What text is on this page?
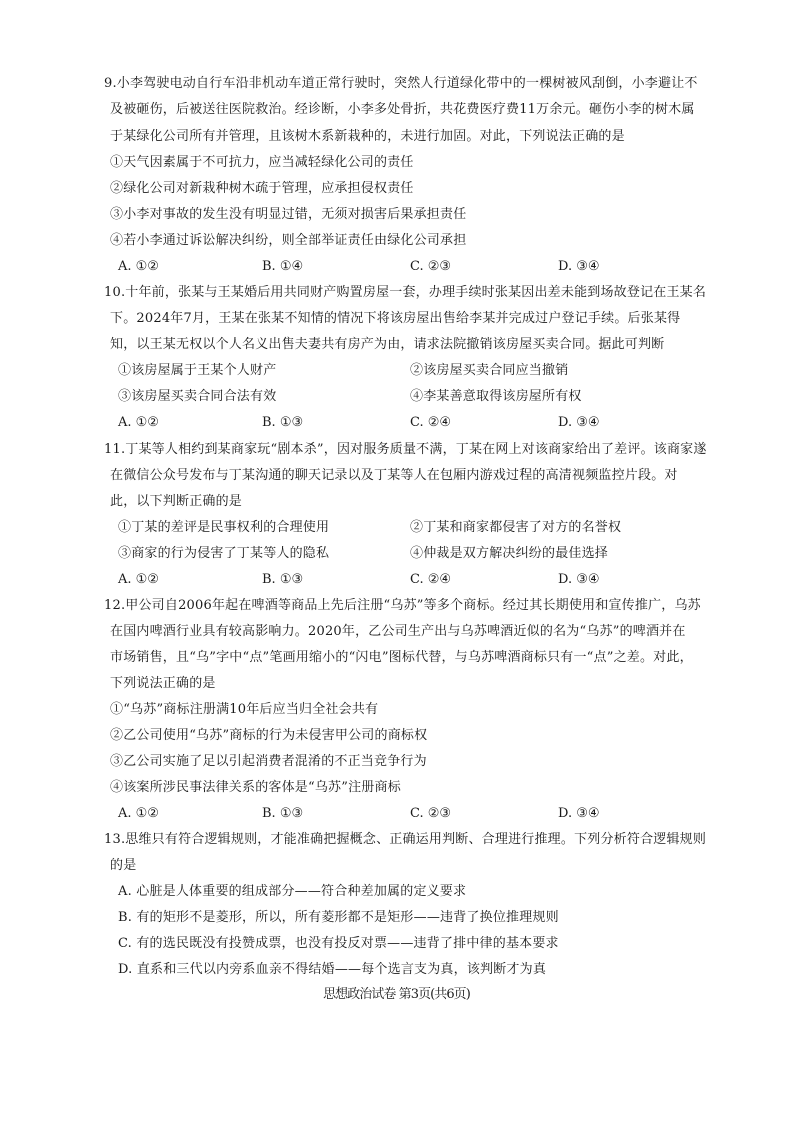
9.小李驾驶电动自行车沿非机动车道正常行驶时，突然人行道绿化带中的一棵树被风刮倒，小李避让不
及被砸伤，后被送往医院救治。经诊断，小李多处骨折，共花费医疗费11万余元。砸伤小李的树木属
于某绿化公司所有并管理，且该树木系新栽种的，未进行加固。对此，下列说法正确的是
①天气因素属于不可抗力，应当减轻绿化公司的责任
②绿化公司对新栽种树木疏于管理，应承担侵权责任
③小李对事故的发生没有明显过错，无须对损害后果承担责任
④若小李通过诉讼解决纠纷，则全部举证责任由绿化公司承担
A. ①②	B. ①④	C. ②③	D. ③④
10.十年前，张某与王某婚后用共同财产购置房屋一套，办理手续时张某因出差未能到场故登记在王某名
下。2024年7月，王某在张某不知情的情况下将该房屋出售给李某并完成过户登记手续。后张某得
知，以王某无权以个人名义出售夫妻共有房产为由，请求法院撤销该房屋买卖合同。据此可判断
①该房屋属于王某个人财产	②该房屋买卖合同应当撤销
③该房屋买卖合同合法有效	④李某善意取得该房屋所有权
A. ①②	B. ①③	C. ②④	D. ③④
11.丁某等人相约到某商家玩“剧本杀”，因对服务质量不满，丁某在网上对该商家给出了差评。该商家遂
在微信公众号发布与丁某沟通的聊天记录以及丁某等人在包厢内游戏过程的高清视频监控片段。对
此，以下判断正确的是
①丁某的差评是民事权利的合理使用	②丁某和商家都侵害了对方的名誉权
③商家的行为侵害了丁某等人的隐私	④仲裁是双方解决纠纷的最佳选择
A. ①②	B. ①③	C. ②④	D. ③④
12.甲公司自2006年起在啤酒等商品上先后注册“乌苏”等多个商标。经过其长期使用和宣传推广，乌苏
在国内啤酒行业具有较高影响力。2020年，乙公司生产出与乌苏啤酒近似的名为“乌苏”的啤酒并在
市场销售，且“乌”字中“点”笔画用缩小的“闪电”图标代替，与乌苏啤酒商标只有一“点”之差。对此，
下列说法正确的是
①“乌苏”商标注册满10年后应当归全社会共有
②乙公司使用“乌苏”商标的行为未侵害甲公司的商标权
③乙公司实施了足以引起消费者混淆的不正当竞争行为
④该案所涉民事法律关系的客体是“乌苏”注册商标
A. ①②	B. ①③	C. ②③	D. ③④
13.思维只有符合逻辑规则，才能准确把握概念、正确运用判断、合理进行推理。下列分析符合逻辑规则
的是
A. 心脏是人体重要的组成部分——符合种差加属的定义要求
B. 有的矩形不是菱形，所以，所有菱形都不是矩形——违背了换位推理规则
C. 有的选民既没有投赞成票，也没有投反对票——违背了排中律的基本要求
D. 直系和三代以内旁系血亲不得结婚——每个选言支为真，该判断才为真
思想政治试卷 第3页(共6页)
